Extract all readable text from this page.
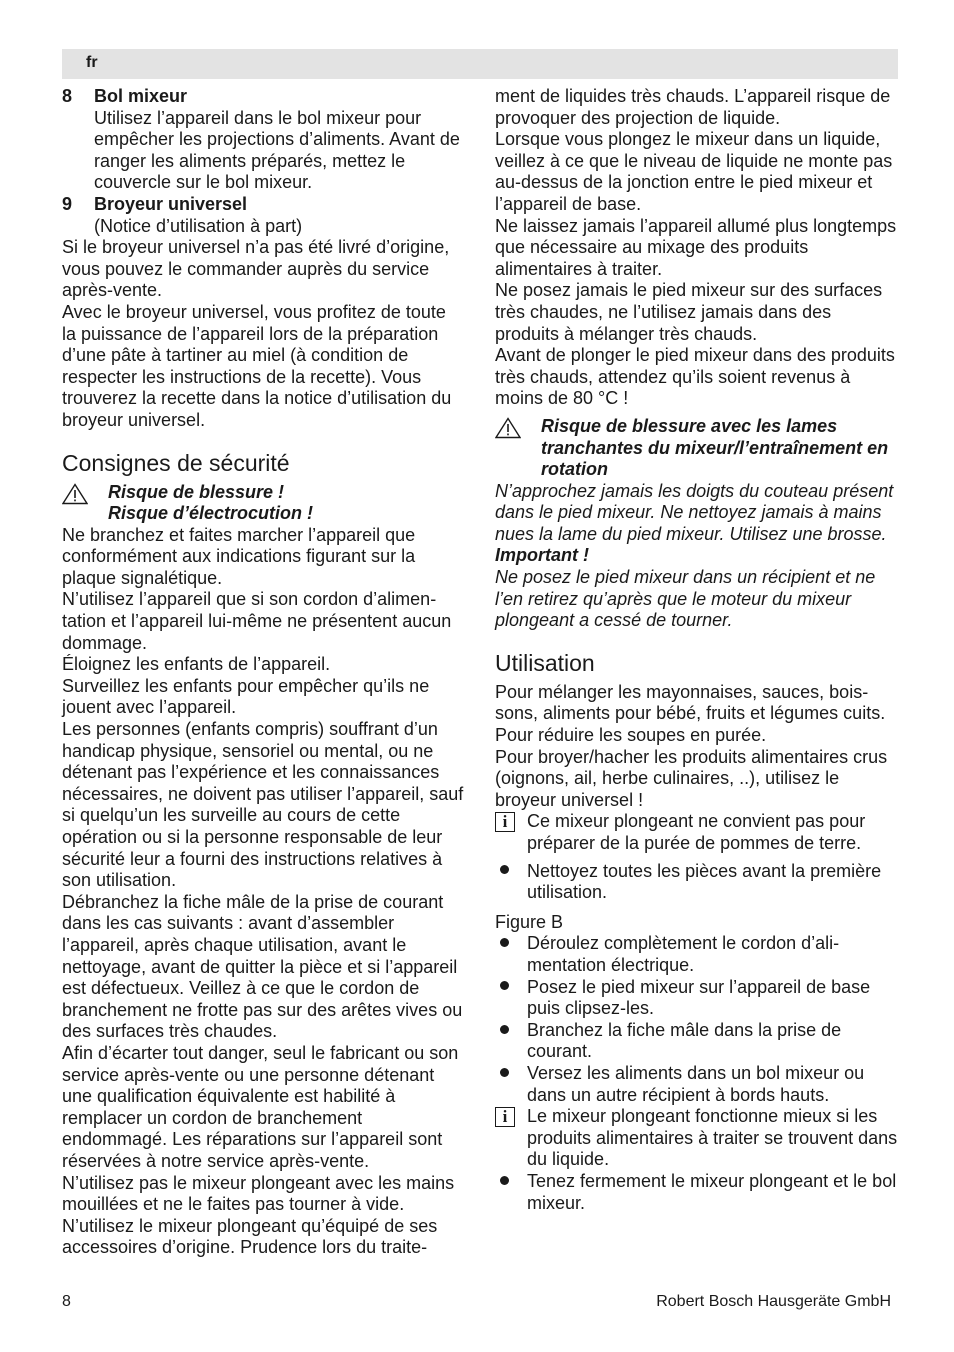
fr
8	Bol mixeur

Utilisez l’appareil dans le bol mixeur pour empêcher les projections d’aliments. Avant de ranger les aliments préparés, mettez le couvercle sur le bol mixeur.

9	Broyeur universel

(Notice d’utilisation à part)

Si le broyeur universel n’a pas été livré d’origine, vous pouvez le commander auprès du service après-vente.

Avec le broyeur universel, vous profitez de toute la puissance de l’appareil lors de la préparation d’une pâte à tartiner au miel (à condition de respecter les instructions de la recette). Vous trouverez la recette dans la notice d’utilisation du broyeur universel.

Consignes de sécurité
Risque de blessure !
Risque d’électrocution !

Ne branchez et faites marcher l’appareil que conformément aux indications figurant sur la plaque signalétique.

N’utilisez l’appareil que si son cordon d’alimentation et l’appareil lui-même ne présentent aucun dommage.

Éloignez les enfants de l’appareil.

Surveillez les enfants pour empêcher qu’ils ne jouent avec l’appareil.

Les personnes (enfants compris) souffrant d’un handicap physique, sensoriel ou mental, ou ne détenant pas l’expérience et les connaissances nécessaires, ne doivent pas utiliser l’appareil, sauf si quelqu’un les surveille au cours de cette opération ou si la personne responsable de leur sécurité leur a fourni des instructions relatives à son utilisation.

Débranchez la fiche mâle de la prise de courant dans les cas suivants : avant d’assembler l’appareil, après chaque utilisation, avant le nettoyage, avant de quitter la pièce et si l’appareil est défectueux. Veillez à ce que le cordon de branchement ne frotte pas sur des arêtes vives ou des surfaces très chaudes.

Afin d’écarter tout danger, seul le fabricant ou son service après-vente ou une personne détenant une qualification équivalente est habilité à remplacer un cordon de branchement endommagé. Les réparations sur l’appareil sont réservées à notre service après-vente.

N’utilisez pas le mixeur plongeant avec les mains mouillées et ne le faites pas tourner à vide.

N’utilisez le mixeur plongeant qu’équipé de ses accessoires d’origine. Prudence lors du traite-

ment de liquides très chauds. L’appareil risque de provoquer des projection de liquide.

Lorsque vous plongez le mixeur dans un liquide, veillez à ce que le niveau de liquide ne monte pas au-dessus de la jonction entre le pied mixeur et l’appareil de base.

Ne laissez jamais l’appareil allumé plus longtemps que nécessaire au mixage des produits alimentaires à traiter.

Ne posez jamais le pied mixeur sur des surfaces très chaudes, ne l’utilisez jamais dans des produits à mélanger très chauds.

Avant de plonger le pied mixeur dans des produits très chauds, attendez qu’ils soient revenus à moins de 80 °C !

Risque de blessure avec les lames tranchantes du mixeur/l’entraînement en rotation

N’approchez jamais les doigts du couteau présent dans le pied mixeur. Ne nettoyez jamais à mains nues la lame du pied mixeur. Utilisez une brosse.

Important !

Ne posez le pied mixeur dans un récipient et ne l’en retirez qu’après que le moteur du mixeur plongeant a cessé de tourner.

Utilisation

Pour mélanger les mayonnaises, sauces, boissons, aliments pour bébé, fruits et légumes cuits.

Pour réduire les soupes en purée.

Pour broyer/hacher les produits alimentaires crus (oignons, ail, herbe culinaires, ..), utilisez le broyeur universel !

i	Ce mixeur plongeant ne convient pas pour préparer de la purée de pommes de terre.
Nettoyez toutes les pièces avant la première utilisation.

Figure B

Déroulez complètement le cordon d’alimentation électrique.
Posez le pied mixeur sur l’appareil de base puis clipsez-les.
Branchez la fiche mâle dans la prise de courant.
Versez les aliments dans un bol mixeur ou dans un autre récipient à bords hauts.
i	Le mixeur plongeant fonctionne mieux si les produits alimentaires à traiter se trouvent dans du liquide.
Tenez fermement le mixeur plongeant et le bol mixeur.
8	Robert Bosch Hausgeräte GmbH
